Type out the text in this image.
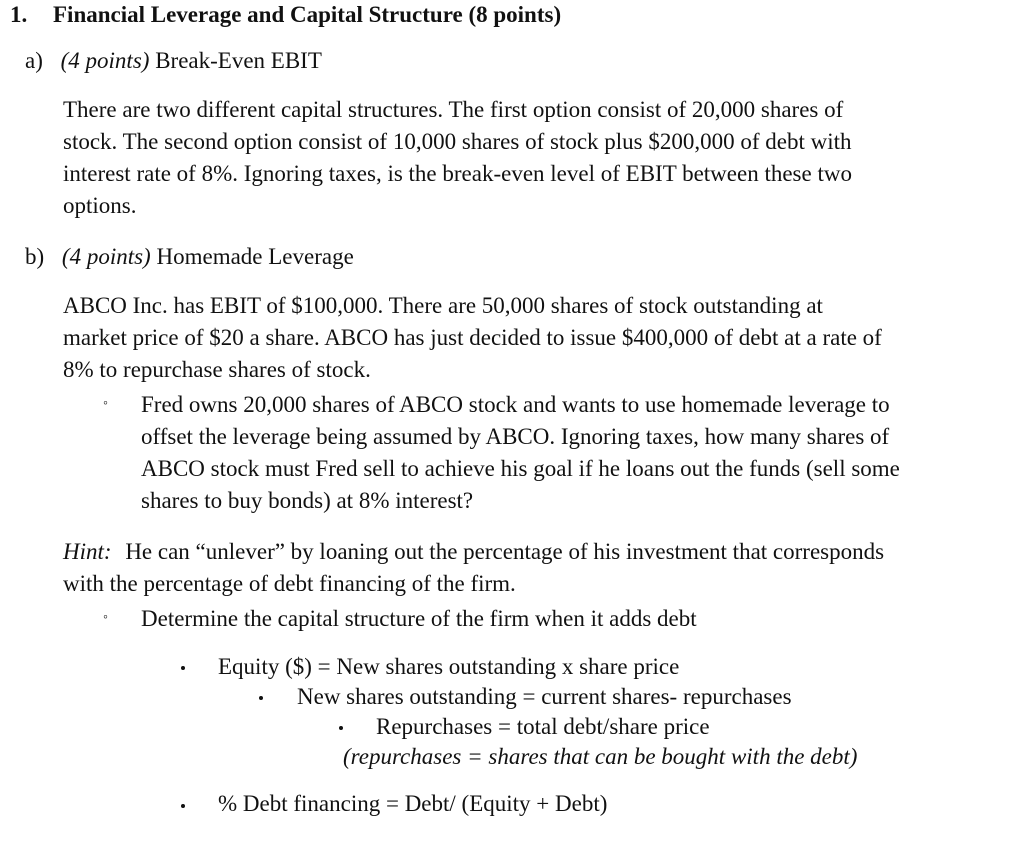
1. Financial Leverage and Capital Structure (8 points)
a) (4 points) Break-Even EBIT
There are two different capital structures. The first option consist of 20,000 shares of
stock. The second option consist of 10,000 shares of stock plus $200,000 of debt with
interest rate of 8%. Ignoring taxes, is the break-even level of EBIT between these two
options.
b) (4 points) Homemade Leverage
ABCO Inc. has EBIT of $100,000. There are 50,000 shares of stock outstanding at
market price of $20 a share. ABCO has just decided to issue $400,000 of debt at a rate of
8% to repurchase shares of stock.
◦ Fred owns 20,000 shares of ABCO stock and wants to use homemade leverage to
offset the leverage being assumed by ABCO. Ignoring taxes, how many shares of
ABCO stock must Fred sell to achieve his goal if he loans out the funds (sell some
shares to buy bonds) at 8% interest?
Hint: He can “unlever” by loaning out the percentage of his investment that corresponds
with the percentage of debt financing of the firm.
◦ Determine the capital structure of the firm when it adds debt
Equity ($) = New shares outstanding x share price
New shares outstanding = current shares- repurchases
Repurchases = total debt/share price
(repurchases = shares that can be bought with the debt)
% Debt financing = Debt/ (Equity + Debt)
